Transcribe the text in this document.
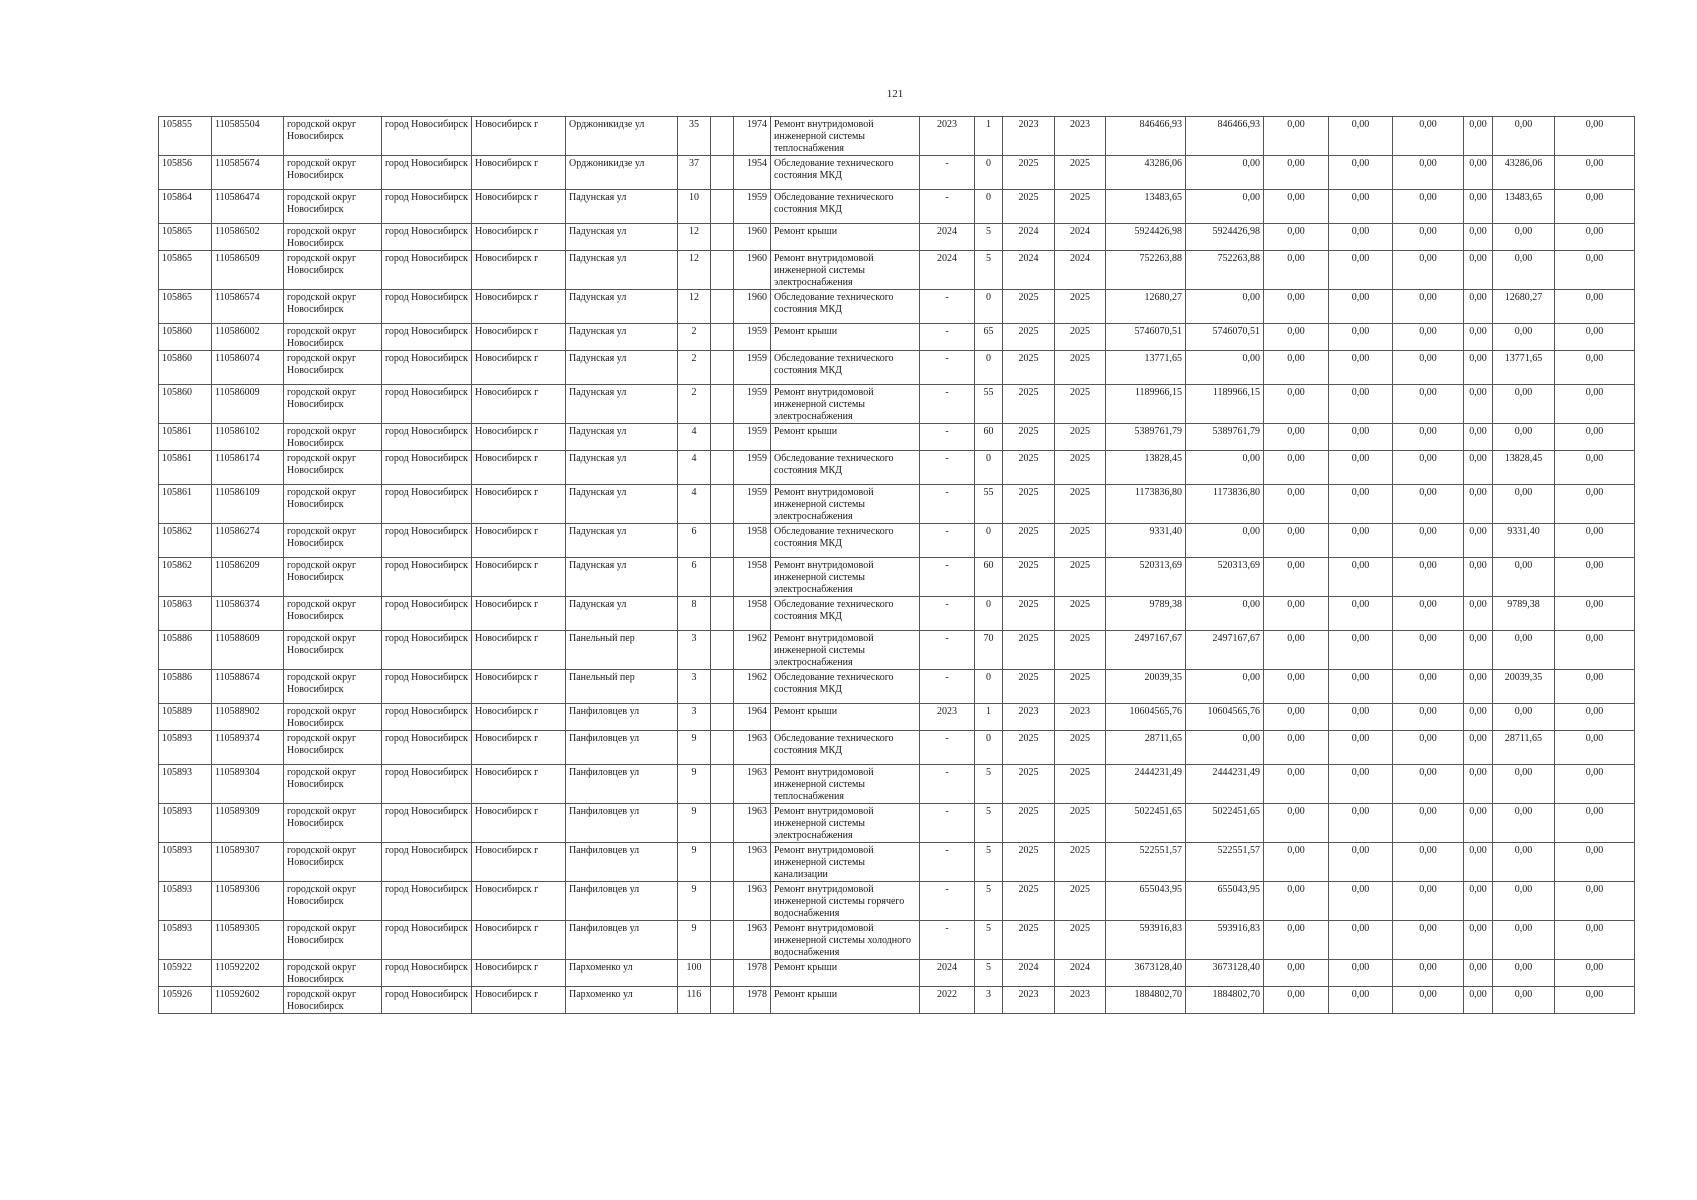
121
105855	110585504	городской округ Новосибирск	город Новосибирск	Новосибирск г	Орджоникидзе ул	35		1974	Ремонт внутридомовой инженерной системы теплоснабжения	2023	1	2023	2023	846466,93	846466,93	0,00	0,00	0,00	0,00	0,00	0,00
105856	110585674	городской округ Новосибирск	город Новосибирск	Новосибирск г	Орджоникидзе ул	37		1954	Обследование технического состояния МКД	-	0	2025	2025	43286,06	0,00	0,00	0,00	0,00	0,00	43286,06	0,00
105864	110586474	городской округ Новосибирск	город Новосибирск	Новосибирск г	Падунская ул	10		1959	Обследование технического состояния МКД	-	0	2025	2025	13483,65	0,00	0,00	0,00	0,00	0,00	13483,65	0,00
105865	110586502	городской округ Новосибирск	город Новосибирск	Новосибирск г	Падунская ул	12		1960	Ремонт крыши	2024	5	2024	2024	5924426,98	5924426,98	0,00	0,00	0,00	0,00	0,00	0,00
105865	110586509	городской округ Новосибирск	город Новосибирск	Новосибирск г	Падунская ул	12		1960	Ремонт внутридомовой инженерной системы электроснабжения	2024	5	2024	2024	752263,88	752263,88	0,00	0,00	0,00	0,00	0,00	0,00
105865	110586574	городской округ Новосибирск	город Новосибирск	Новосибирск г	Падунская ул	12		1960	Обследование технического состояния МКД	-	0	2025	2025	12680,27	0,00	0,00	0,00	0,00	0,00	12680,27	0,00
105860	110586002	городской округ Новосибирск	город Новосибирск	Новосибирск г	Падунская ул	2		1959	Ремонт крыши	-	65	2025	2025	5746070,51	5746070,51	0,00	0,00	0,00	0,00	0,00	0,00
105860	110586074	городской округ Новосибирск	город Новосибирск	Новосибирск г	Падунская ул	2		1959	Обследование технического состояния МКД	-	0	2025	2025	13771,65	0,00	0,00	0,00	0,00	0,00	13771,65	0,00
105860	110586009	городской округ Новосибирск	город Новосибирск	Новосибирск г	Падунская ул	2		1959	Ремонт внутридомовой инженерной системы электроснабжения	-	55	2025	2025	1189966,15	1189966,15	0,00	0,00	0,00	0,00	0,00	0,00
105861	110586102	городской округ Новосибирск	город Новосибирск	Новосибирск г	Падунская ул	4		1959	Ремонт крыши	-	60	2025	2025	5389761,79	5389761,79	0,00	0,00	0,00	0,00	0,00	0,00
105861	110586174	городской округ Новосибирск	город Новосибирск	Новосибирск г	Падунская ул	4		1959	Обследование технического состояния МКД	-	0	2025	2025	13828,45	0,00	0,00	0,00	0,00	0,00	13828,45	0,00
105861	110586109	городской округ Новосибирск	город Новосибирск	Новосибирск г	Падунская ул	4		1959	Ремонт внутридомовой инженерной системы электроснабжения	-	55	2025	2025	1173836,80	1173836,80	0,00	0,00	0,00	0,00	0,00	0,00
105862	110586274	городской округ Новосибирск	город Новосибирск	Новосибирск г	Падунская ул	6		1958	Обследование технического состояния МКД	-	0	2025	2025	9331,40	0,00	0,00	0,00	0,00	0,00	9331,40	0,00
105862	110586209	городской округ Новосибирск	город Новосибирск	Новосибирск г	Падунская ул	6		1958	Ремонт внутридомовой инженерной системы электроснабжения	-	60	2025	2025	520313,69	520313,69	0,00	0,00	0,00	0,00	0,00	0,00
105863	110586374	городской округ Новосибирск	город Новосибирск	Новосибирск г	Падунская ул	8		1958	Обследование технического состояния МКД	-	0	2025	2025	9789,38	0,00	0,00	0,00	0,00	0,00	9789,38	0,00
105886	110588609	городской округ Новосибирск	город Новосибирск	Новосибирск г	Панельный пер	3		1962	Ремонт внутридомовой инженерной системы электроснабжения	-	70	2025	2025	2497167,67	2497167,67	0,00	0,00	0,00	0,00	0,00	0,00
105886	110588674	городской округ Новосибирск	город Новосибирск	Новосибирск г	Панельный пер	3		1962	Обследование технического состояния МКД	-	0	2025	2025	20039,35	0,00	0,00	0,00	0,00	0,00	20039,35	0,00
105889	110588902	городской округ Новосибирск	город Новосибирск	Новосибирск г	Панфиловцев ул	3		1964	Ремонт крыши	2023	1	2023	2023	10604565,76	10604565,76	0,00	0,00	0,00	0,00	0,00	0,00
105893	110589374	городской округ Новосибирск	город Новосибирск	Новосибирск г	Панфиловцев ул	9		1963	Обследование технического состояния МКД	-	0	2025	2025	28711,65	0,00	0,00	0,00	0,00	0,00	28711,65	0,00
105893	110589304	городской округ Новосибирск	город Новосибирск	Новосибирск г	Панфиловцев ул	9		1963	Ремонт внутридомовой инженерной системы теплоснабжения	-	5	2025	2025	2444231,49	2444231,49	0,00	0,00	0,00	0,00	0,00	0,00
105893	110589309	городской округ Новосибирск	город Новосибирск	Новосибирск г	Панфиловцев ул	9		1963	Ремонт внутридомовой инженерной системы электроснабжения	-	5	2025	2025	5022451,65	5022451,65	0,00	0,00	0,00	0,00	0,00	0,00
105893	110589307	городской округ Новосибирск	город Новосибирск	Новосибирск г	Панфиловцев ул	9		1963	Ремонт внутридомовой инженерной системы канализации	-	5	2025	2025	522551,57	522551,57	0,00	0,00	0,00	0,00	0,00	0,00
105893	110589306	городской округ Новосибирск	город Новосибирск	Новосибирск г	Панфиловцев ул	9		1963	Ремонт внутридомовой инженерной системы горячего водоснабжения	-	5	2025	2025	655043,95	655043,95	0,00	0,00	0,00	0,00	0,00	0,00
105893	110589305	городской округ Новосибирск	город Новосибирск	Новосибирск г	Панфиловцев ул	9		1963	Ремонт внутридомовой инженерной системы холодного водоснабжения	-	5	2025	2025	593916,83	593916,83	0,00	0,00	0,00	0,00	0,00	0,00
105922	110592202	городской округ Новосибирск	город Новосибирск	Новосибирск г	Пархоменко ул	100		1978	Ремонт крыши	2024	5	2024	2024	3673128,40	3673128,40	0,00	0,00	0,00	0,00	0,00	0,00
105926	110592602	городской округ Новосибирск	город Новосибирск	Новосибирск г	Пархоменко ул	116		1978	Ремонт крыши	2022	3	2023	2023	1884802,70	1884802,70	0,00	0,00	0,00	0,00	0,00	0,00
